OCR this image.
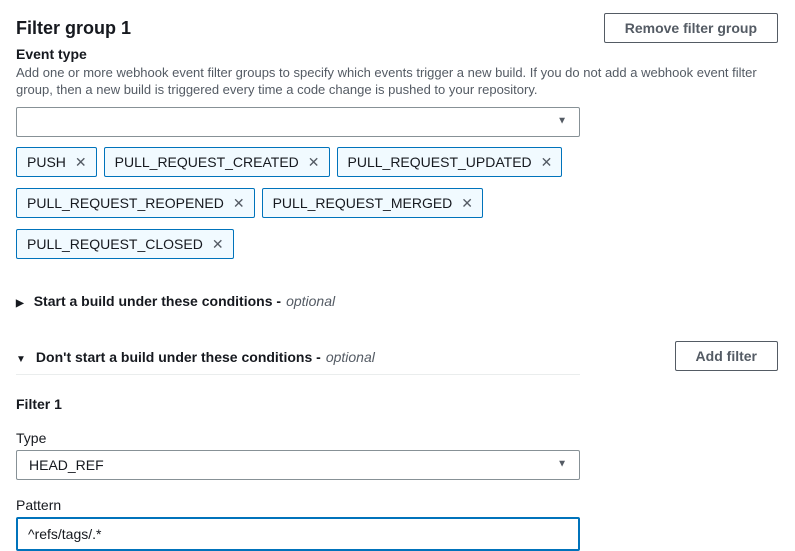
Filter group 1	Remove filter group
Event type
Add one or more webhook event filter groups to specify which events trigger a new build. If you do not add a webhook event filter group, then a new build is triggered every time a code change is pushed to your repository.
▼
PUSH ✕ PULL_REQUEST_CREATED ✕ PULL_REQUEST_UPDATED ✕
PULL_REQUEST_REOPENED ✕ PULL_REQUEST_MERGED ✕
PULL_REQUEST_CLOSED ✕
▶ Start a build under these conditions - optional
▼ Don't start a build under these conditions - optional	Add filter
Filter 1
Type
HEAD_REF	▼
Pattern
^refs/tags/.*
